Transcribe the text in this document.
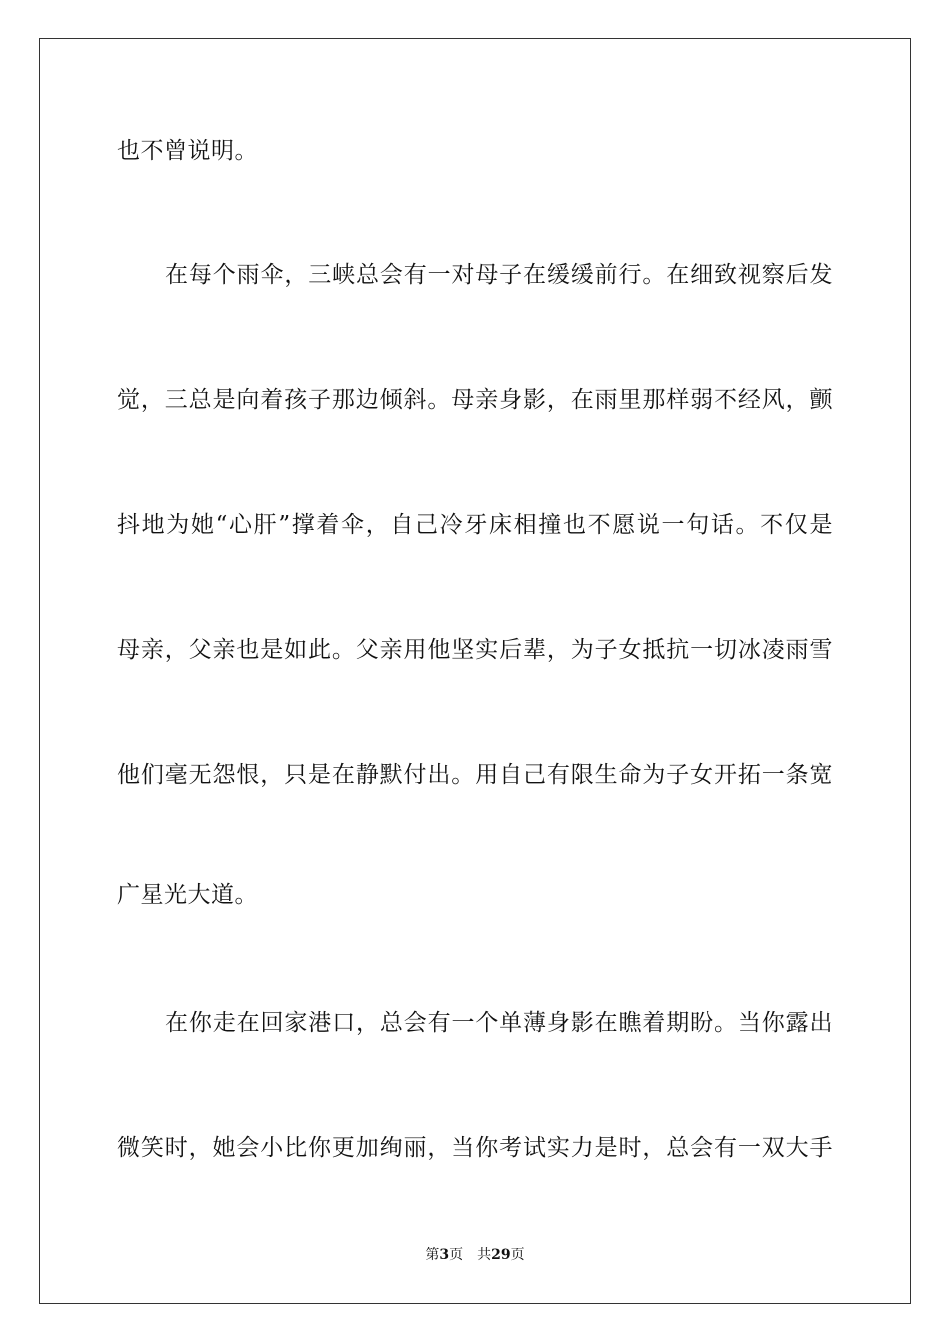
也不曾说明。
在每个雨伞，三峡总会有一对母子在缓缓前行。在细致视察后发
觉，三总是向着孩子那边倾斜。母亲身影，在雨里那样弱不经风，颤
抖地为她“心肝”撑着伞，自己冷牙床相撞也不愿说一句话。不仅是
母亲，父亲也是如此。父亲用他坚实后辈，为子女抵抗一切冰凌雨雪
他们毫无怨恨，只是在静默付出。用自己有限生命为子女开拓一条宽
广星光大道。
在你走在回家港口，总会有一个单薄身影在瞧着期盼。当你露出
微笑时，她会小比你更加绚丽，当你考试实力是时，总会有一双大手
第3页 共29页
